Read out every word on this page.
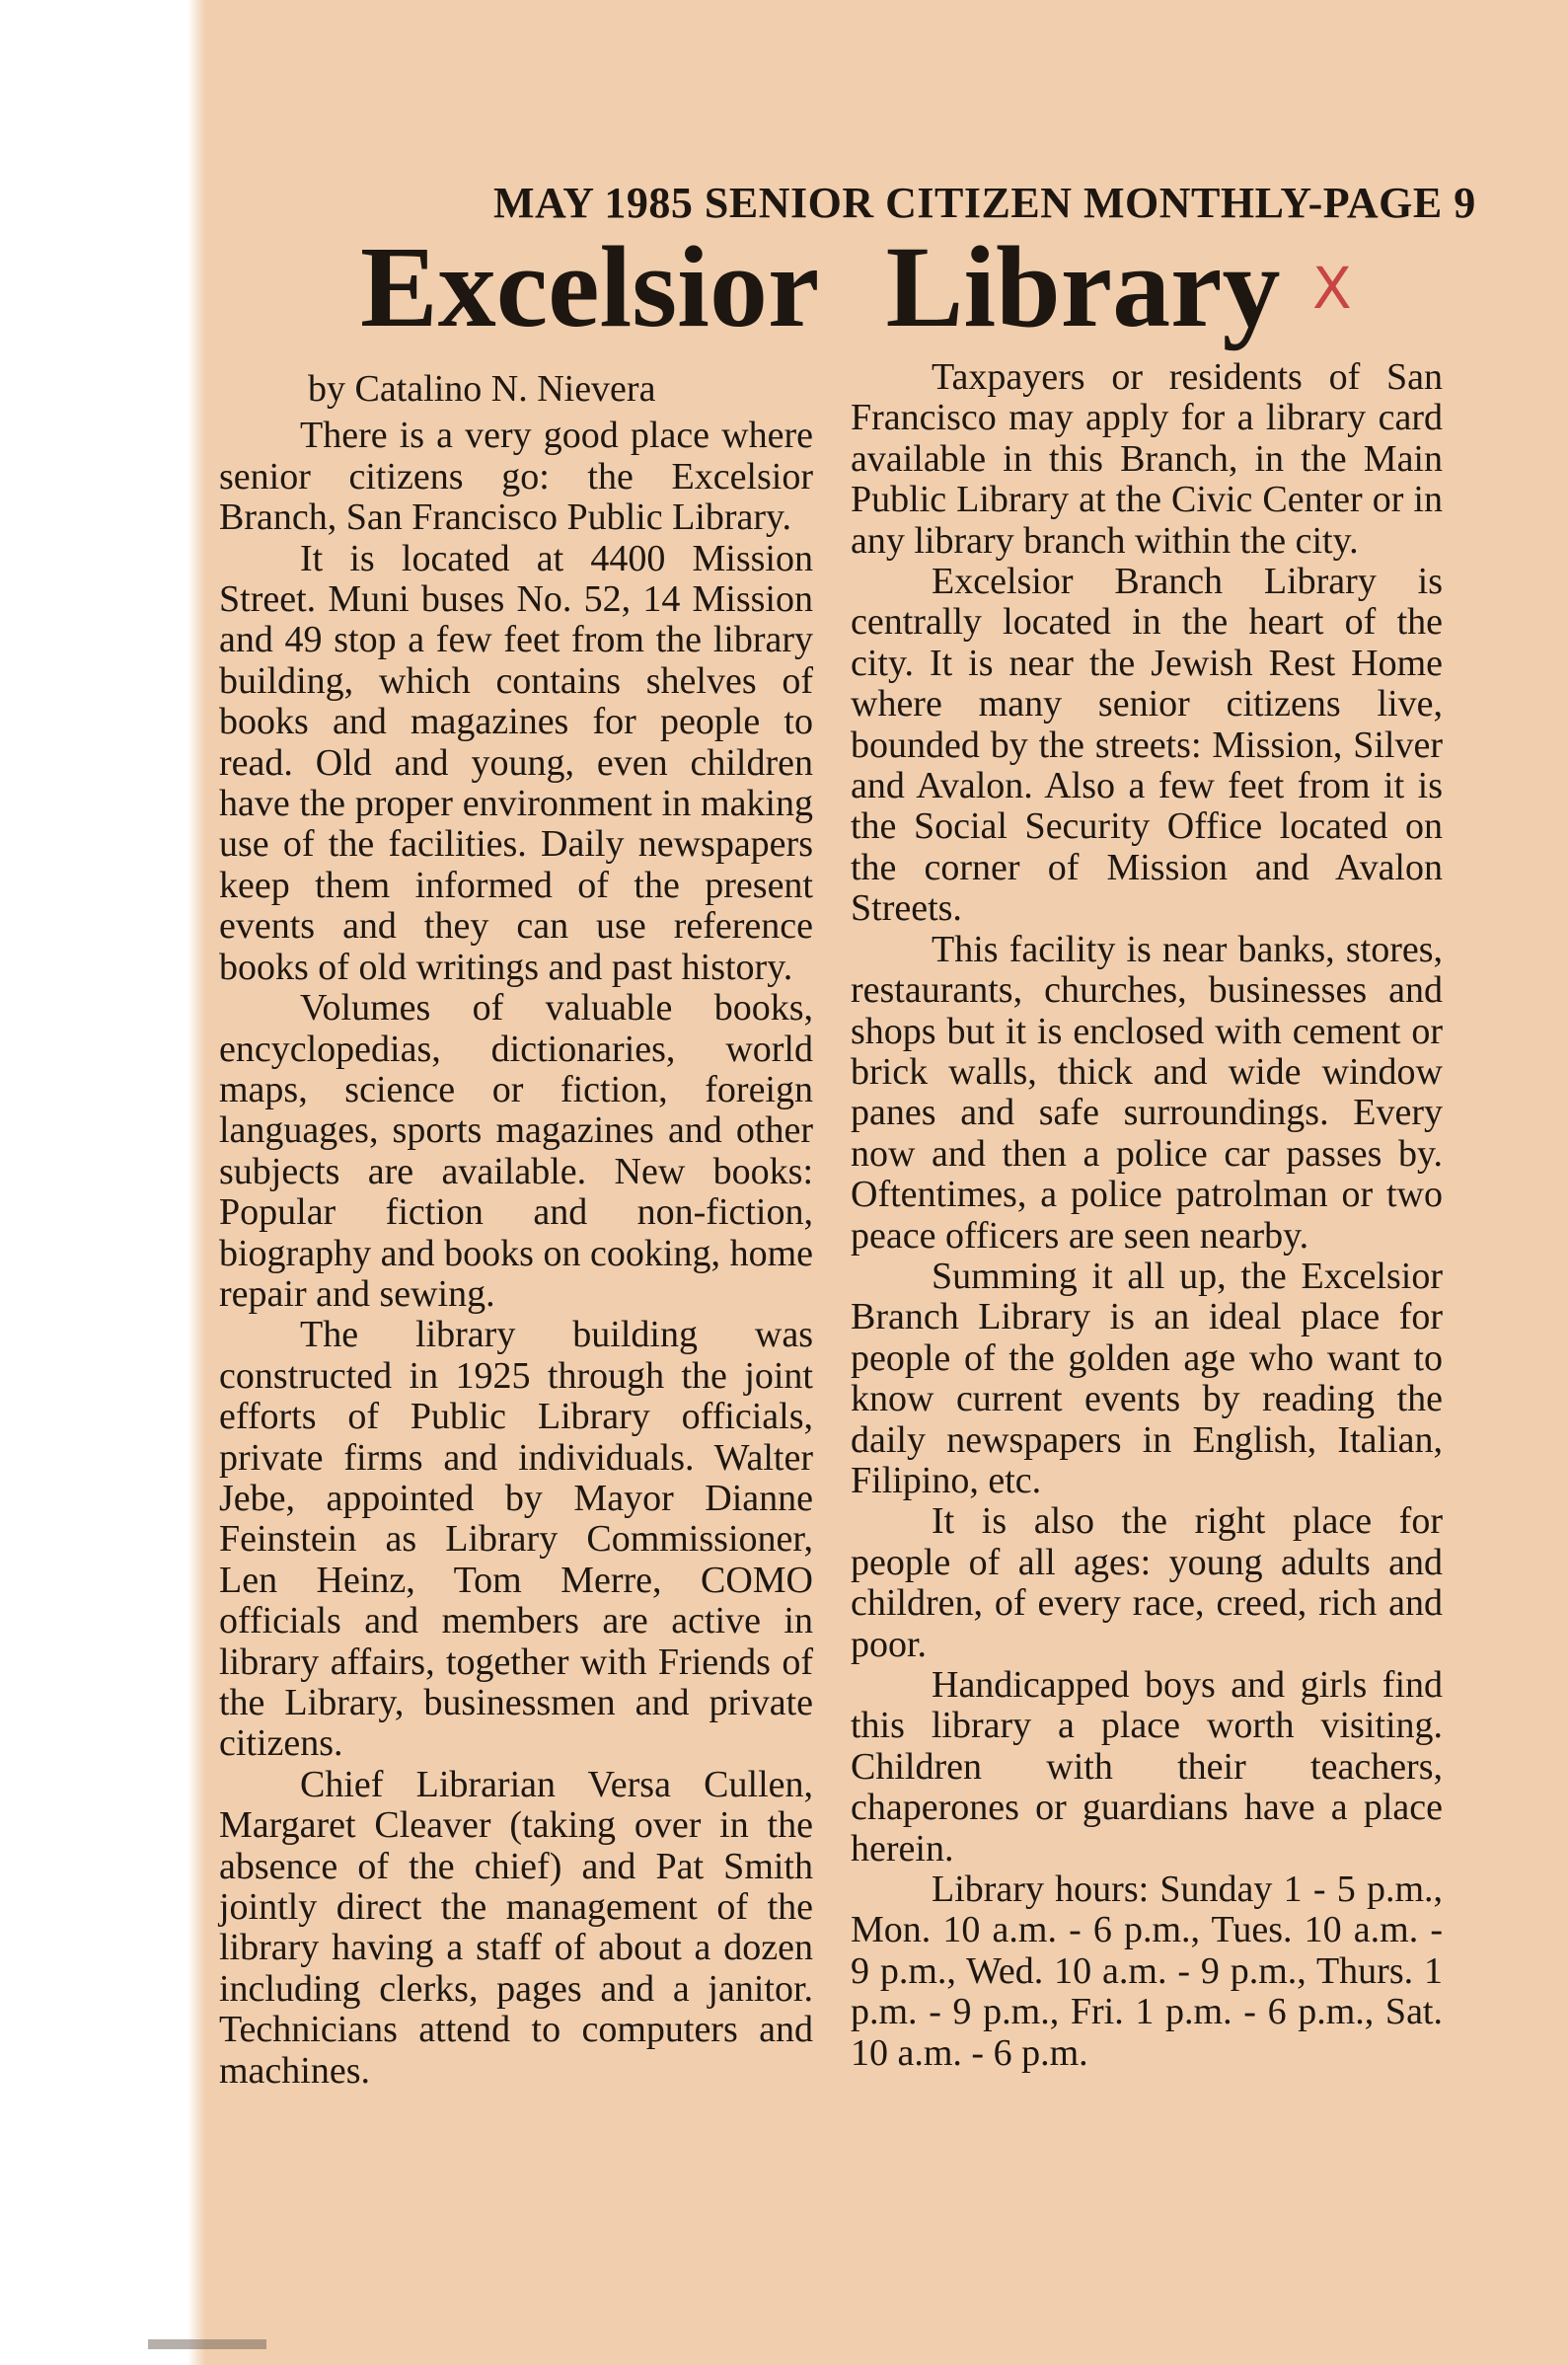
MAY 1985 SENIOR CITIZEN MONTHLY-PAGE 9
Excelsior Library X
by Catalino N. Nievera

There is a very good place where senior citizens go: the Excelsior Branch, San Francisco Public Library.

It is located at 4400 Mission Street. Muni buses No. 52, 14 Mission and 49 stop a few feet from the library building, which contains shelves of books and magazines for people to read. Old and young, even children have the proper environment in making use of the facilities. Daily newspapers keep them informed of the present events and they can use reference books of old writings and past history.

Volumes of valuable books, encyclopedias, dictionaries, world maps, science or fiction, foreign languages, sports magazines and other subjects are available. New books: Popular fiction and non-fiction, biography and books on cooking, home repair and sewing.

The library building was constructed in 1925 through the joint efforts of Public Library officials, private firms and individuals. Walter Jebe, appointed by Mayor Dianne Feinstein as Library Commissioner, Len Heinz, Tom Merre, COMO officials and members are active in library affairs, together with Friends of the Library, businessmen and private citizens.

Chief Librarian Versa Cullen, Margaret Cleaver (taking over in the absence of the chief) and Pat Smith jointly direct the management of the library having a staff of about a dozen including clerks, pages and a janitor. Technicians attend to computers and machines.

Taxpayers or residents of San Francisco may apply for a library card available in this Branch, in the Main Public Library at the Civic Center or in any library branch within the city.

Excelsior Branch Library is centrally located in the heart of the city. It is near the Jewish Rest Home where many senior citizens live, bounded by the streets: Mission, Silver and Avalon. Also a few feet from it is the Social Security Office located on the corner of Mission and Avalon Streets.

This facility is near banks, stores, restaurants, churches, businesses and shops but it is enclosed with cement or brick walls, thick and wide window panes and safe surroundings. Every now and then a police car passes by. Oftentimes, a police patrolman or two peace officers are seen nearby.

Summing it all up, the Excelsior Branch Library is an ideal place for people of the golden age who want to know current events by reading the daily newspapers in English, Italian, Filipino, etc.

It is also the right place for people of all ages: young adults and children, of every race, creed, rich and poor.

Handicapped boys and girls find this library a place worth visiting. Children with their teachers, chaperones or guardians have a place herein.

Library hours: Sunday 1 - 5 p.m., Mon. 10 a.m. - 6 p.m., Tues. 10 a.m. - 9 p.m., Wed. 10 a.m. - 9 p.m., Thurs. 1 p.m. - 9 p.m., Fri. 1 p.m. - 6 p.m., Sat. 10 a.m. - 6 p.m.
